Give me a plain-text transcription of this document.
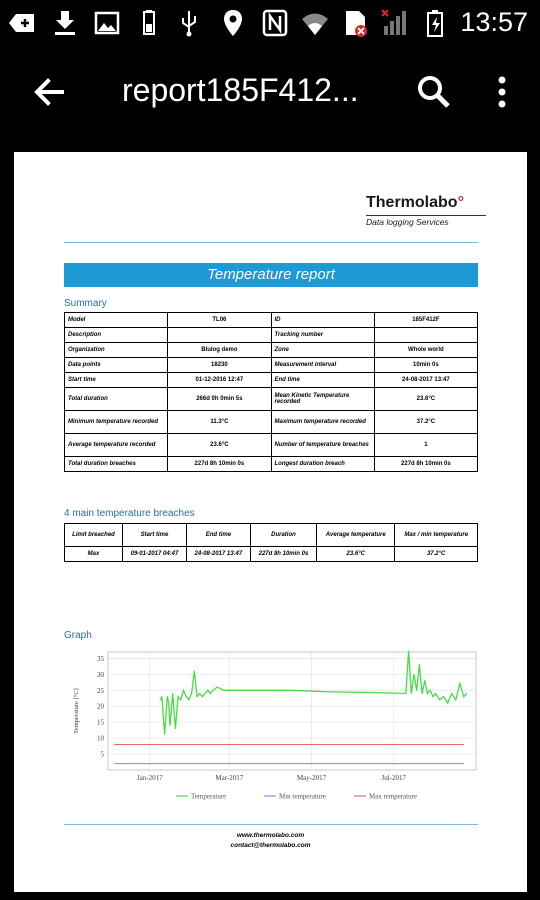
13:57
report185F412...
Thermolabo°
Data logging Services
Temperature report
Summary
Model	TL06	ID	185F412F
Description		Tracking number	
Organization	Blulog demo	Zone	Whole world
Data points	18230	Measurement interval	10min 0s
Start time	01-12-2016 12:47	End time	24-08-2017 13:47
Total duration	266d 0h 0min 5s	Mean Kinetic Temperature recorded	23.6°C
Minimum temperature recorded	11.3°C	Maximum temperature recorded	37.2°C
Average temperature recorded	23.6°C	Number of temperature breaches	1
Total duration breaches	227d 8h 10min 0s	Longest duration breach	227d 8h 10min 0s
4 main temperature breaches
Limit breached	Start time	End time	Duration	Average temperature	Max / min temperature
Max	09-01-2017 04:47	24-08-2017 13:47	227d 8h 10min 0s	23.6°C	37.2°C
Graph
Jan-2017	Mar-2017	May-2017	Jul-2017
5
10
15
20
25
30
35
Temperature [°C]
Temperature	Min temperature	Max temperature
www.thermolabo.com
contact@thermolabo.com
